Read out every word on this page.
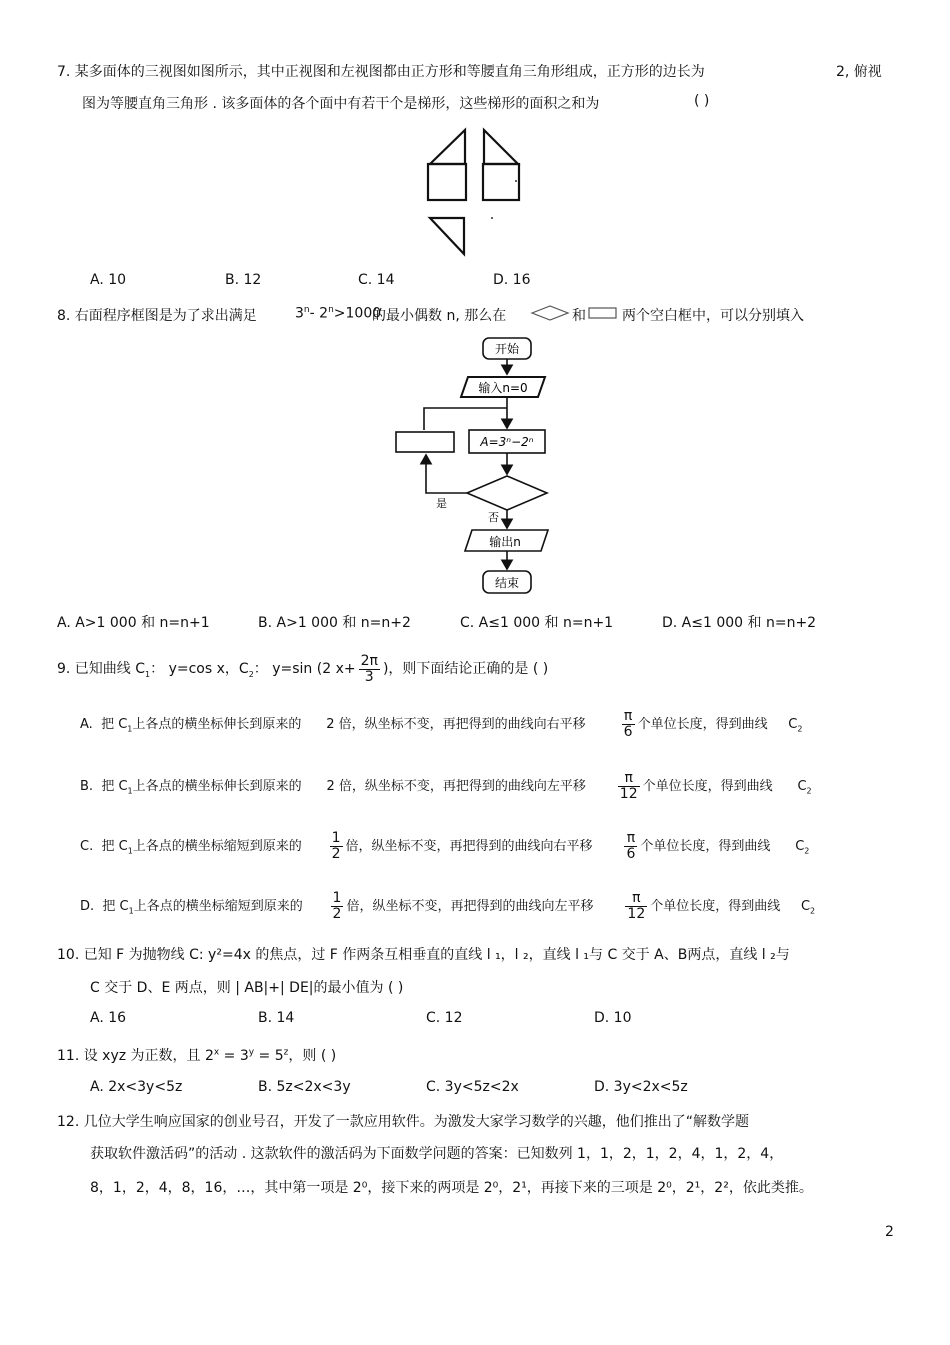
7. 某多面体的三视图如图所示，其中正视图和左视图都由正方形和等腰直角三角形组成，正方形的边长为	2, 俯视
图为等腰直角三角形 . 该多面体的各个面中有若干个是梯形，这些梯形的面积之和为	( )
A. 10	B. 12	C. 14	D. 16
8. 右面程序框图是为了求出满足	3$^n$- $2^n>1000$
的最小偶数 n, 那么在	和	两个空白框中，可以分别填入
开始
输入n=0
A=3ⁿ−2ⁿ
是
否
输出n
结束
A. A>1 000 和 n=n+1	B. A>1 000 和 n=n+2	C. A≤1 000 和 n=n+1	D. A≤1 000 和 n=n+2
9. 已知曲线 $C_1$： y=cos x，$C_2$： y=sin (2 $x+ \frac{2\pi}{3}$ )，则下面结论正确的是 ( )
A. 把 $C_1$上各点的横坐标伸长到原来的 2 倍，纵坐标不变，再把得到的曲线向右平移	$\frac{\pi}{6}$ 个单位长度，得到曲线 $C_2$
B. 把 $C_1$上各点的横坐标伸长到原来的 2 倍，纵坐标不变，再把得到的曲线向左平移 $\frac{\pi}{12}$ 个单位长度，得到曲线 $C_2$
C. 把 $C_1$上各点的横坐标缩短到原来的 $\frac{1}{2}$ 倍，纵坐标不变，再把得到的曲线向右平移 $\frac{\pi}{6}$ 个单位长度，得到曲线 $C_2$
D. 把 $C_1$上各点的横坐标缩短到原来的 $\frac{1}{2}$ 倍，纵坐标不变，再把得到的曲线向左平移 $\frac{\pi}{12}$ 个单位长度，得到曲线 $C_2$
10. 已知 F 为抛物线 C: y²=4x 的焦点，过 F 作两条互相垂直的直线 l ₁，l ₂，直线 l ₁与 C 交于 A、B两点，直线 l ₂与
C 交于 D、E 两点，则 | AB|+| DE|的最小值为 ( )
A. 16	B. 14	C. 12	D. 10
11. 设 xyz 为正数，且 $2^x = 3^y = 5^z$，则 ( )
A. 2x<3y<5z	B. 5z<2x<3y	C. 3y<5z<2x	D. 3y<2x<5z
12. 几位大学生响应国家的创业号召，开发了一款应用软件。为激发大家学习数学的兴趣，他们推出了“解数学题
获取软件激活码”的活动 . 这款软件的激活码为下面数学问题的答案：已知数列 1，1，2，1，2，4，1，2，4，
8，1，2，4，8，16，…，其中第一项是 2⁰，接下来的两项是 2⁰，2¹，再接下来的三项是 2⁰，2¹，2²，依此类推。
2
